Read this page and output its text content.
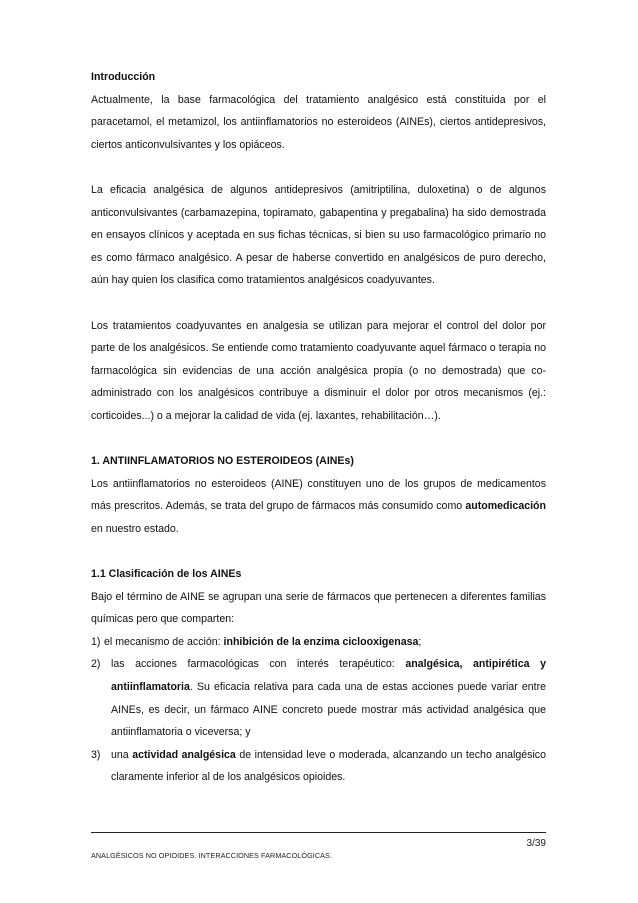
Introducción

Actualmente, la base farmacológica del tratamiento analgésico está constituida por el paracetamol, el metamizol, los antiinflamatorios no esteroideos (AINEs), ciertos antidepresivos, ciertos anticonvulsivantes y los opiáceos.

La eficacia analgésica de algunos antidepresivos (amitriptilina, duloxetina) o de algunos anticonvulsivantes (carbamazepina, topiramato, gabapentina y pregabalina) ha sido demostrada en ensayos clínicos y aceptada en sus fichas técnicas, si bien su uso farmacológico primario no es como fármaco analgésico. A pesar de haberse convertido en analgésicos de puro derecho, aún hay quien los clasifica como tratamientos analgésicos coadyuvantes.

Los tratamientos coadyuvantes en analgesia se utilizan para mejorar el control del dolor por parte de los analgésicos. Se entiende como tratamiento coadyuvante aquel fármaco o terapia no farmacológica sin evidencias de una acción analgésica propia (o no demostrada) que co-administrado con los analgésicos contribuye a disminuir el dolor por otros mecanismos (ej.: corticoides...) o a mejorar la calidad de vida (ej. laxantes, rehabilitación…).

1. ANTIINFLAMATORIOS NO ESTEROIDEOS (AINEs)

Los antiinflamatorios no esteroideos (AINE) constituyen uno de los grupos de medicamentos más prescritos. Además, se trata del grupo de fármacos más consumido como automedicación en nuestro estado.

1.1 Clasificación de los AINEs

Bajo el término de AINE se agrupan una serie de fármacos que pertenecen a diferentes familias químicas pero que comparten:

1) el mecanismo de acción: inhibición de la enzima ciclooxigenasa;
2) las acciones farmacológicas con interés terapéutico: analgésica, antipirética y antiinflamatoria. Su eficacia relativa para cada una de estas acciones puede variar entre AINEs, es decir, un fármaco AINE concreto puede mostrar más actividad analgésica que antiinflamatoria o viceversa; y
3) una actividad analgésica de intensidad leve o moderada, alcanzando un techo analgésico claramente inferior al de los analgésicos opioides.
3/39
ANALGÉSICOS NO OPIOIDES. INTERACCIONES FARMACOLÓGICAS.
